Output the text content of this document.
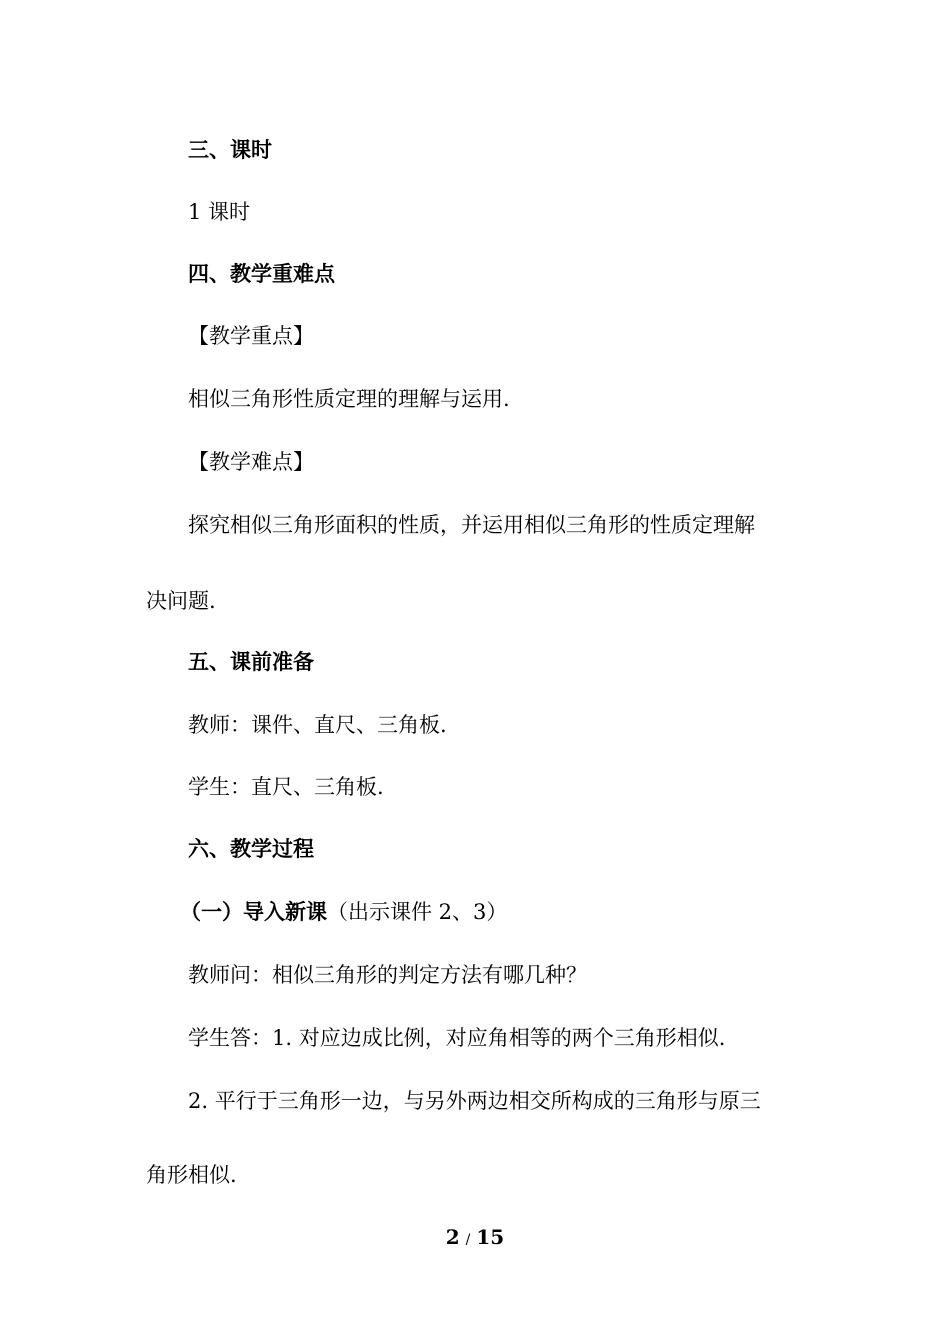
三、课时
1 课时
四、教学重难点
【教学重点】
相似三角形性质定理的理解与运用.
【教学难点】
探究相似三角形面积的性质，并运用相似三角形的性质定理解
决问题.
五、课前准备
教师：课件、直尺、三角板.
学生：直尺、三角板.
六、教学过程
（一）导入新课（出示课件 2、3）
教师问：相似三角形的判定方法有哪几种？
学生答：1. 对应边成比例，对应角相等的两个三角形相似.
2. 平行于三角形一边，与另外两边相交所构成的三角形与原三
角形相似.
2 / 15
